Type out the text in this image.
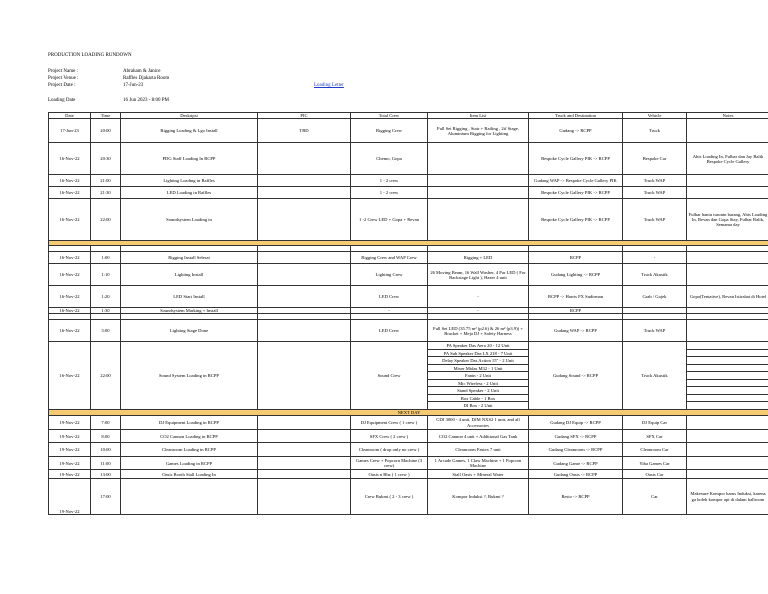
PRODUCTION LOADING RUNDOWN
Project Name :	Abraham & Janice
Project Venue :	Raffles Djakarta Room
Project Date :	17-Jun-23	Loading Letter
Loading Date	16 Jun 2023 - 8:00 PM
Date	Time	Deskripsi	PIC	Total Crew	Item List	Truck and Destination	Vehicle	Notes
17-Jun-23	20:00	Rigging Loading & Lgo Install	TBD	Rigging Crew	Full Set Rigging , Stair + Railing , 2tf Stage, Aluminium Rigging for Lighting	Gudang -> RCPP	Truck	
16-Nov-22	20:30	PDG Staff Loading In RCPP		Chemo, Gopa		Bespoke Cycle Gallery PIK -> RCPP	Bespoke Car	Abis Loading In, Fulbar dan Jay Balik Bespoke Cycle Gallery
16-Nov-22	21:00	Lighting Loading in Raffles		1 - 2 crew		Gudang WAP -> Bespoke Cycle Gallery PIK	Truck WAP	
16-Nov-22	21:30	LED Loading in Raffles		1 - 2 crew		Bespoke Cycle Gallery PIK -> RCPP	Truck WAP	
16-Nov-22	22:00	Soundsystem Loading in		1 -2 Crew LED + Gopa + Revan		Bespoke Cycle Gallery PIK -> RCPP	Truck WAP	Fulbar bantu turunin barang, Abis Loading In, Revan dan Gopa Stay, Fulbar Balik, Semama day

16-Nov-22	1:00	Rigging Install Selesai		Rigging Crew and WAP Crew	Rigging + LED	RCPP	-	
16-Nov-22	1:10	Lighting Install		Lighting Crew	26 Moving Beam, 16 Wall Washer, 4 Par LED ( For Backstage Light ), Hazer 4 unit	Gudang Lighting -> RCPP	Truck Akustik	
16-Nov-22	1:20	LED Start Install		LED Crew	-	RCPP -> Harris FX Sudirman	Grab / Gojek	Gopa(Tentative), Revan Istirahat di Hotel
16-Nov-22	1:30	Soundsystem Marking + Install		-	-	RCPP		

16-Nov-22	3:00	Lighting Stage Done		LED Crew	Full Set LED (35.75 m² (p2.6) & 26 m² (p3.9)) + Bracket + Meja DJ + Safety Harness	Gudang WAP -> RCPP	Truck WAP	
16-Nov-22	22:00	Sound System Loading in RCPP		Sound Crew	PA Speaker Das Aero 20 - 12 Unit	Gudang Sound -> RCPP	Truck Akustik	
					PA Sub Speaker Das LX 218 - 7 Unit			
					Delay Speaker Das Action 15" - 2 Unit			
					Mixer Midas M32 - 1 Unit			
					Fanin - 2 Unit			
					Mic Wireless - 2 Unit			
					Stand Speaker - 2 Unit			
					Box Cable - 1 Box			
					DI Box - 2 Unit			
NEXT DAY								
19-Nov-22	7:00	DJ Equipment Loading in RCPP		DJ Equipment Crew ( 1 crew )	CDJ 3000 - 4 unit, DJM NXS2 1 unit, and all Accessories	Gudang DJ Equip -> RCPP	DJ Equip Car	
19-Nov-22	8:00	CO2 Cannon Loading in RCPP		SFX Crew ( 2 crew )	CO2 Cannon 4 unit + Additional Gas Tank	Gudang SFX -> RCPP	SFX Car	
19-Nov-22	10:00	Cleanroom Loading in RCPP		Cleanroom ( drop only no crew )	Cleanroom Fastex 7 unit	Gudang Cleanroom -> RCPP	Cleanroom Car	
19-Nov-22	11:00	Games Loading in RCPP		Games Crew + Popcorn Machine (3 crew)	1 Arcade Games, 1 Claw Machine + 1 Popcorn Machine	Gudang Game -> RCPP	Yiba Games Car	
19-Nov-22	13:00	Oasis Booth Stall Loading In		Oasis n Bhz ( 1 crew )	Stall Oasis + Mineral Water	Gudang Oasis -> RCPP	Oasis Car	
19-Nov-22	17:00			Crew Bukmi ( 2 - 3 crew )	Kompor Induksi ?, Bukmi ?	Resto -> RCPP	Car	Makesure Kompor harus Induksi, karena ga boleh kompor api di dalam ballroom
